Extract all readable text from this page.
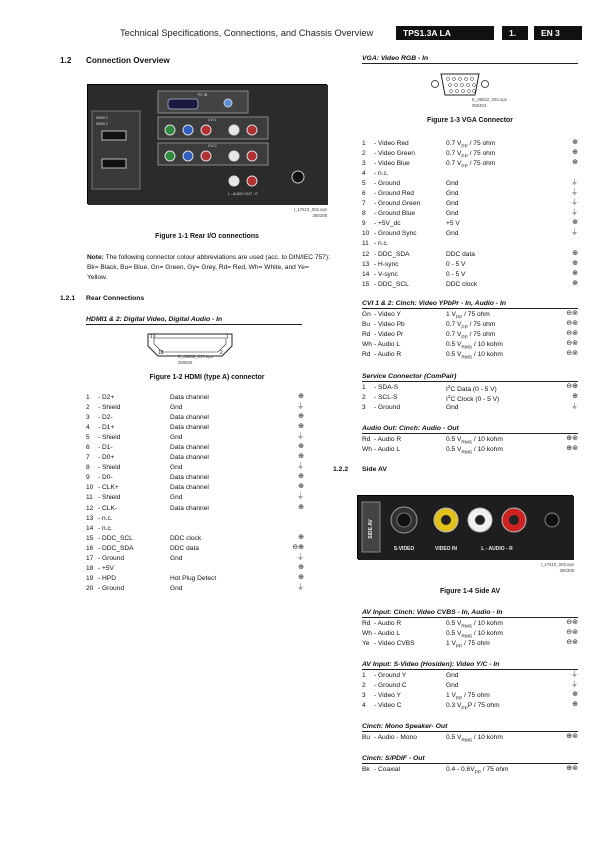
Technical Specifications, Connections, and Chassis Overview	TPS1.3A LA	1.	EN 3
1.2 Connection Overview
HDMI 1
HDMI 2
PC IN
CVI 1
CVI 2
L - AUDIO OUT - R
I_17610_002.eps
280308
Figure 1-1 Rear I/O connections
Note: The following connector colour abbreviations are used (acc. to DIN/IEC 757): Bk= Black, Bu= Blue, Gn= Green, Gy= Grey, Rd= Red, Wh= White, and Ye= Yellow.
1.2.1 Rear Connections
HDMI1 & 2: Digital Video, Digital Audio - In
19	1
18	2
E_06532_017.eps
250505
Figure 1-2 HDMI (type A) connector
1 - D2+	Data channel	⊕
2 - Shield	Gnd	⏚
3 - D2-	Data channel	⊕
4 - D1+	Data channel	⊕
5 - Shield	Gnd	⏚
6 - D1-	Data channel	⊕
7 - D0+	Data channel	⊕
8 - Shield	Gnd	⏚
9 - D0-	Data channel	⊕
10 - CLK+	Data channel	⊕
11 - Shield	Gnd	⏚
12 - CLK-	Data channel	⊕
13 - n.c.
14 - n.c.
15 - DDC_SCL	DDC clock	⊕
16 - DDC_SDA	DDC data	⊖⊕
17 - Ground	Gnd	⏚
18 - +5V	⊕
19 - HPD	Hot Plug Detect	⊕
20 - Ground	Gnd	⏚
VGA: Video RGB - In
E_06532_002.eps
050404
Figure 1-3 VGA Connector
1 - Video Red	0.7 $V_{PP} / 75$ ohm	⊕
2 - Video Green	0.7 $V_{PP} / 75$ ohm	⊕
3 - Video Blue	0.7 $V_{PP} / 75$ ohm	⊕
4 - n.c.
5 - Ground	Gnd	⏚
6 - Ground Red	Gnd	⏚
7 - Ground Green	Gnd	⏚
8 - Ground Blue	Gnd	⏚
9 - +5V_dc	+5 V	⊕
10 - Ground Sync	Gnd	⏚
11 - n.c.
12 - DDC_SDA	DDC data	⊕
13 - H-sync	0 - 5 V	⊕
14 - V-sync	0 - 5 V	⊕
15 - DDC_SCL	DDC clock	⊕
CVI 1 & 2: Cinch: Video YPbPr - In, Audio - In
Gn - Video Y	1 $V_{PP} / 75$ ohm	⊖⊚
Bu - Video Pb	0.7 $V_{PP} / 75$ ohm	⊖⊚
Rd - Video Pr	0.7 $V_{PP} / 75$ ohm	⊖⊚
Wh - Audio L	0.5 $V_{RMS} / 10$ kohm	⊖⊚
Rd - Audio R	0.5 $V_{RMS} / 10$ kohm	⊖⊚
Service Connector (ComPair)
1 - SDA-S	$I_2C$ Data (0 - 5 V)	⊖⊕
2 - SCL-S	$I_2C$ Clock (0 - 5 V)	⊕
3 - Ground	Gnd	⏚
Audio Out: Cinch: Audio - Out
Rd - Audio R	0.5 $V_{RMS} / 10$ kohm	⊕⊚
Wh - Audio L	0.5 $V_{RMS} / 10$ kohm	⊕⊚
1.2.2 Side AV
SIDE AV
S-VIDEO	VIDEO IN	L - AUDIO - R
I_17610_003.eps
280308
Figure 1-4 Side AV
AV Input: Cinch: Video CVBS - In, Audio - In
Rd - Audio R	0.5 $V_{RMS} / 10$ kohm	⊖⊚
Wh - Audio L	0.5 $V_{RMS} / 10$ kohm	⊖⊚
Ye - Video CVBS	1 $V_{PP} / 75$ ohm	⊖⊚
AV Input: S-Video (Hosiden): Video Y/C - In
1 - Ground Y	Gnd	⏚
2 - Ground C	Gnd	⏚
3 - Video Y	1 $V_{PP} / 75$ ohm	⊕
4 - Video C	0.3 $V_{PP}P / 75$ ohm	⊕
Cinch: Mono Speaker- Out
Bu - Audio - Mono	0.5 $V_{RMS} / 10$ kohm	⊕⊚
Cinch: S/PDIF - Out
Bk - Coaxial	$0.4 - 0.6V_{PP} / 75$ ohm	⊕⊚
